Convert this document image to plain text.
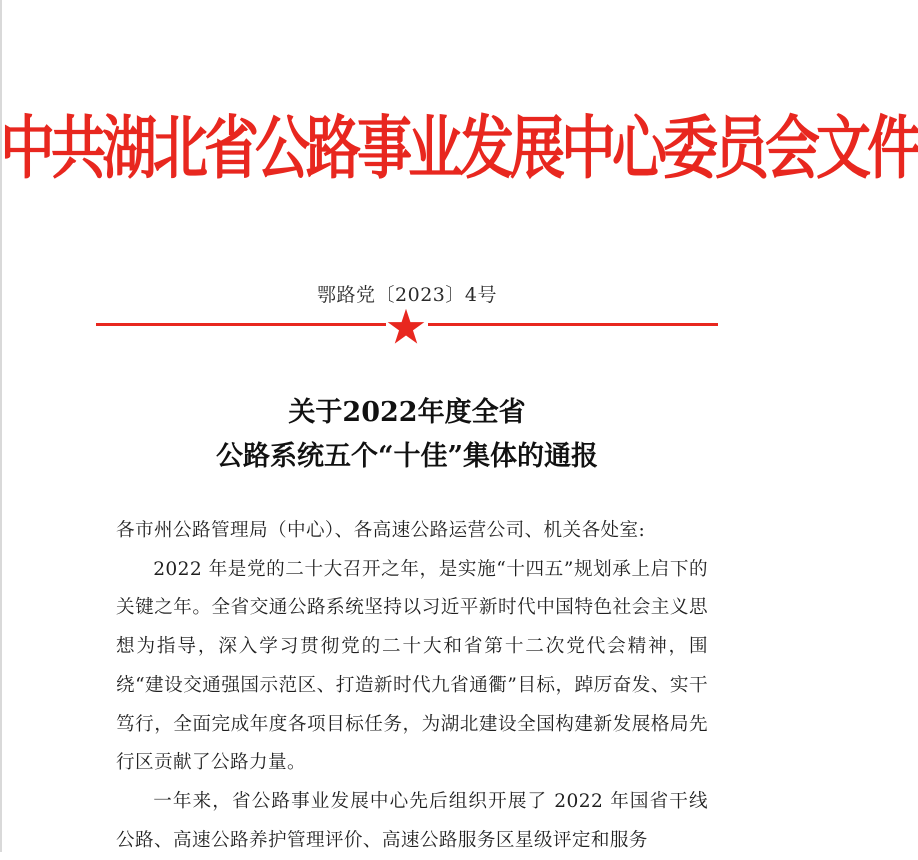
中共湖北省公路事业发展中心委员会文件
鄂路党〔2023〕4号
关于2022年度全省
公路系统五个“十佳”集体的通报

各市州公路管理局（中心）、各高速公路运营公司、机关各处室:

2022 年是党的二十大召开之年，是实施“十四五”规划承上启下的关键之年。全省交通公路系统坚持以习近平新时代中国特色社会主义思想为指导，深入学习贯彻党的二十大和省第十二次党代会精神，围绕“建设交通强国示范区、打造新时代九省通衢”目标，踔厉奋发、实干笃行，全面完成年度各项目标任务，为湖北建设全国构建新发展格局先行区贡献了公路力量。

一年来，省公路事业发展中心先后组织开展了 2022 年国省干线公路、高速公路养护管理评价、高速公路服务区星级评定和服务
